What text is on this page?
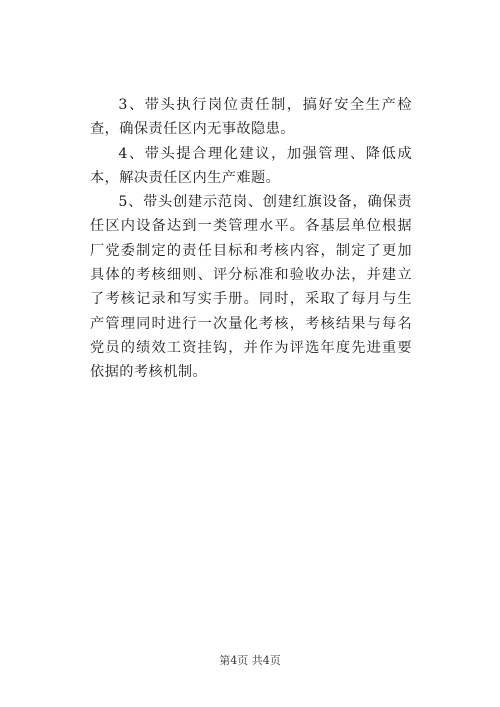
3、带头执行岗位责任制，搞好安全生产检查，确保责任区内无事故隐患。

4、带头提合理化建议，加强管理、降低成本，解决责任区内生产难题。

5、带头创建示范岗、创建红旗设备，确保责任区内设备达到一类管理水平。各基层单位根据厂党委制定的责任目标和考核内容，制定了更加具体的考核细则、评分标准和验收办法，并建立了考核记录和写实手册。同时，采取了每月与生产管理同时进行一次量化考核，考核结果与每名党员的绩效工资挂钩，并作为评选年度先进重要依据的考核机制。

第4页 共4页
